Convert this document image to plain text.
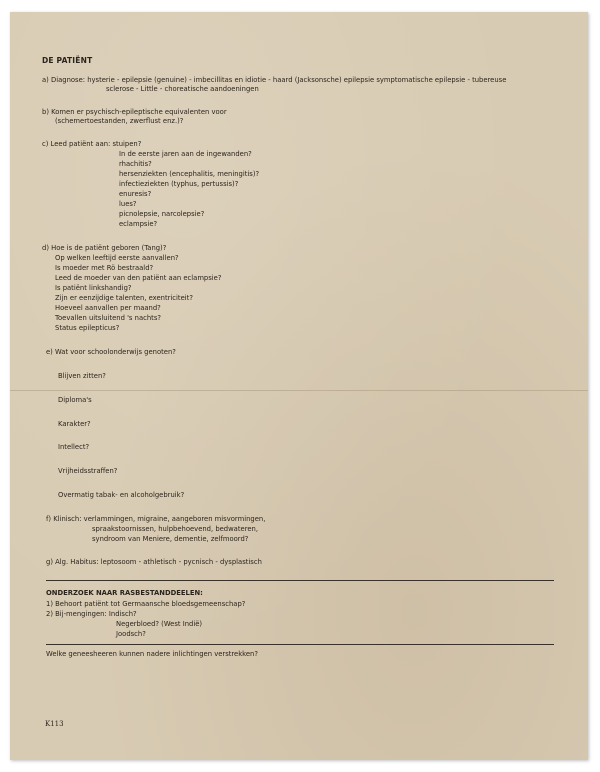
DE PATIËNT
a) Diagnose: hysterie - epilepsie (genuine) - imbecillitas en idiotie - haard (Jacksonsche) epilepsie symptomatische epilepsie - tubereuse
sclerose - Little - choreatische aandoeningen
b) Komen er psychisch-epileptische equivalenten voor
(schemertoestanden, zwerflust enz.)?
c) Leed patiënt aan: stuipen?
In de eerste jaren aan de ingewanden?
rhachitis?
hersenziekten (encephalitis, meningitis)?
infectieziekten (typhus, pertussis)?
enuresis?
lues?
picnolepsie, narcolepsie?
eclampsie?
d) Hoe is de patiënt geboren (Tang)?
Op welken leeftijd eerste aanvallen?
Is moeder met Rö bestraald?
Leed de moeder van den patiënt aan eclampsie?
Is patiënt linkshandig?
Zijn er eenzijdige talenten, exentriciteit?
Hoeveel aanvallen per maand?
Toevallen uitsluitend 's nachts?
Status epilepticus?
e) Wat voor schoolonderwijs genoten?
Blijven zitten?
Diploma's
Karakter?
Intellect?
Vrijheidsstraffen?
Overmatig tabak- en alcoholgebruik?
f) Klinisch: verlammingen, migraine, aangeboren misvormingen,
spraakstoornissen, hulpbehoevend, bedwateren,
syndroom van Meniere, dementie, zelfmoord?
g) Alg. Habitus: leptosoom - athletisch - pycnisch - dysplastisch
ONDERZOEK NAAR RASBESTANDDEELEN:
1) Behoort patiënt tot Germaansche bloedsgemeenschap?
2) Bij-mengingen: Indisch?
Negerbloed? (West Indië)
Joodsch?
Welke geneesheeren kunnen nadere inlichtingen verstrekken?
K113
